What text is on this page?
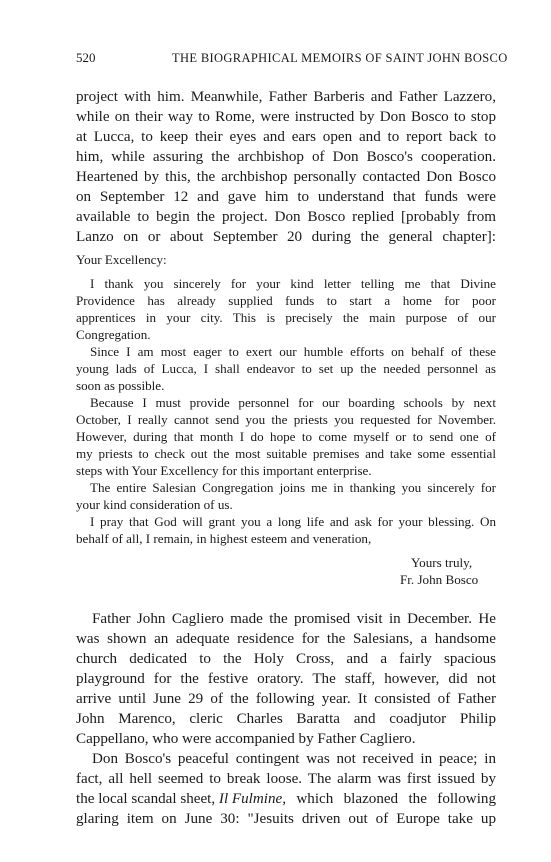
520	THE BIOGRAPHICAL MEMOIRS OF SAINT JOHN BOSCO
project with him. Meanwhile, Father Barberis and Father Lazzero,
while on their way to Rome, were instructed by Don Bosco to stop
at Lucca, to keep their eyes and ears open and to report back to
him, while assuring the archbishop of Don Bosco's cooperation.
Heartened by this, the archbishop personally contacted Don Bosco
on September 12 and gave him to understand that funds were
available to begin the project. Don Bosco replied [probably from
Lanzo on or about September 20 during the general chapter]:
Your Excellency:
I thank you sincerely for your kind letter telling me that Divine
Providence has already supplied funds to start a home for poor
apprentices in your city. This is precisely the main purpose of our
Congregation.
Since I am most eager to exert our humble efforts on behalf of these
young lads of Lucca, I shall endeavor to set up the needed personnel as
soon as possible.
Because I must provide personnel for our boarding schools by next
October, I really cannot send you the priests you requested for November.
However, during that month I do hope to come myself or to send one of
my priests to check out the most suitable premises and take some essential
steps with Your Excellency for this important enterprise.
The entire Salesian Congregation joins me in thanking you sincerely for
your kind consideration of us.
I pray that God will grant you a long life and ask for your blessing. On
behalf of all, I remain, in highest esteem and veneration,
Yours truly,
Fr. John Bosco
Father John Cagliero made the promised visit in December. He
was shown an adequate residence for the Salesians, a handsome
church dedicated to the Holy Cross, and a fairly spacious
playground for the festive oratory. The staff, however, did not
arrive until June 29 of the following year. It consisted of Father
John Marenco, cleric Charles Baratta and coadjutor Philip
Cappellano, who were accompanied by Father Cagliero.
Don Bosco's peaceful contingent was not received in peace; in
fact, all hell seemed to break loose. The alarm was first issued by
the local scandal sheet, Il Fulmine, which blazoned the following
glaring item on June 30: "Jesuits driven out of Europe take up
